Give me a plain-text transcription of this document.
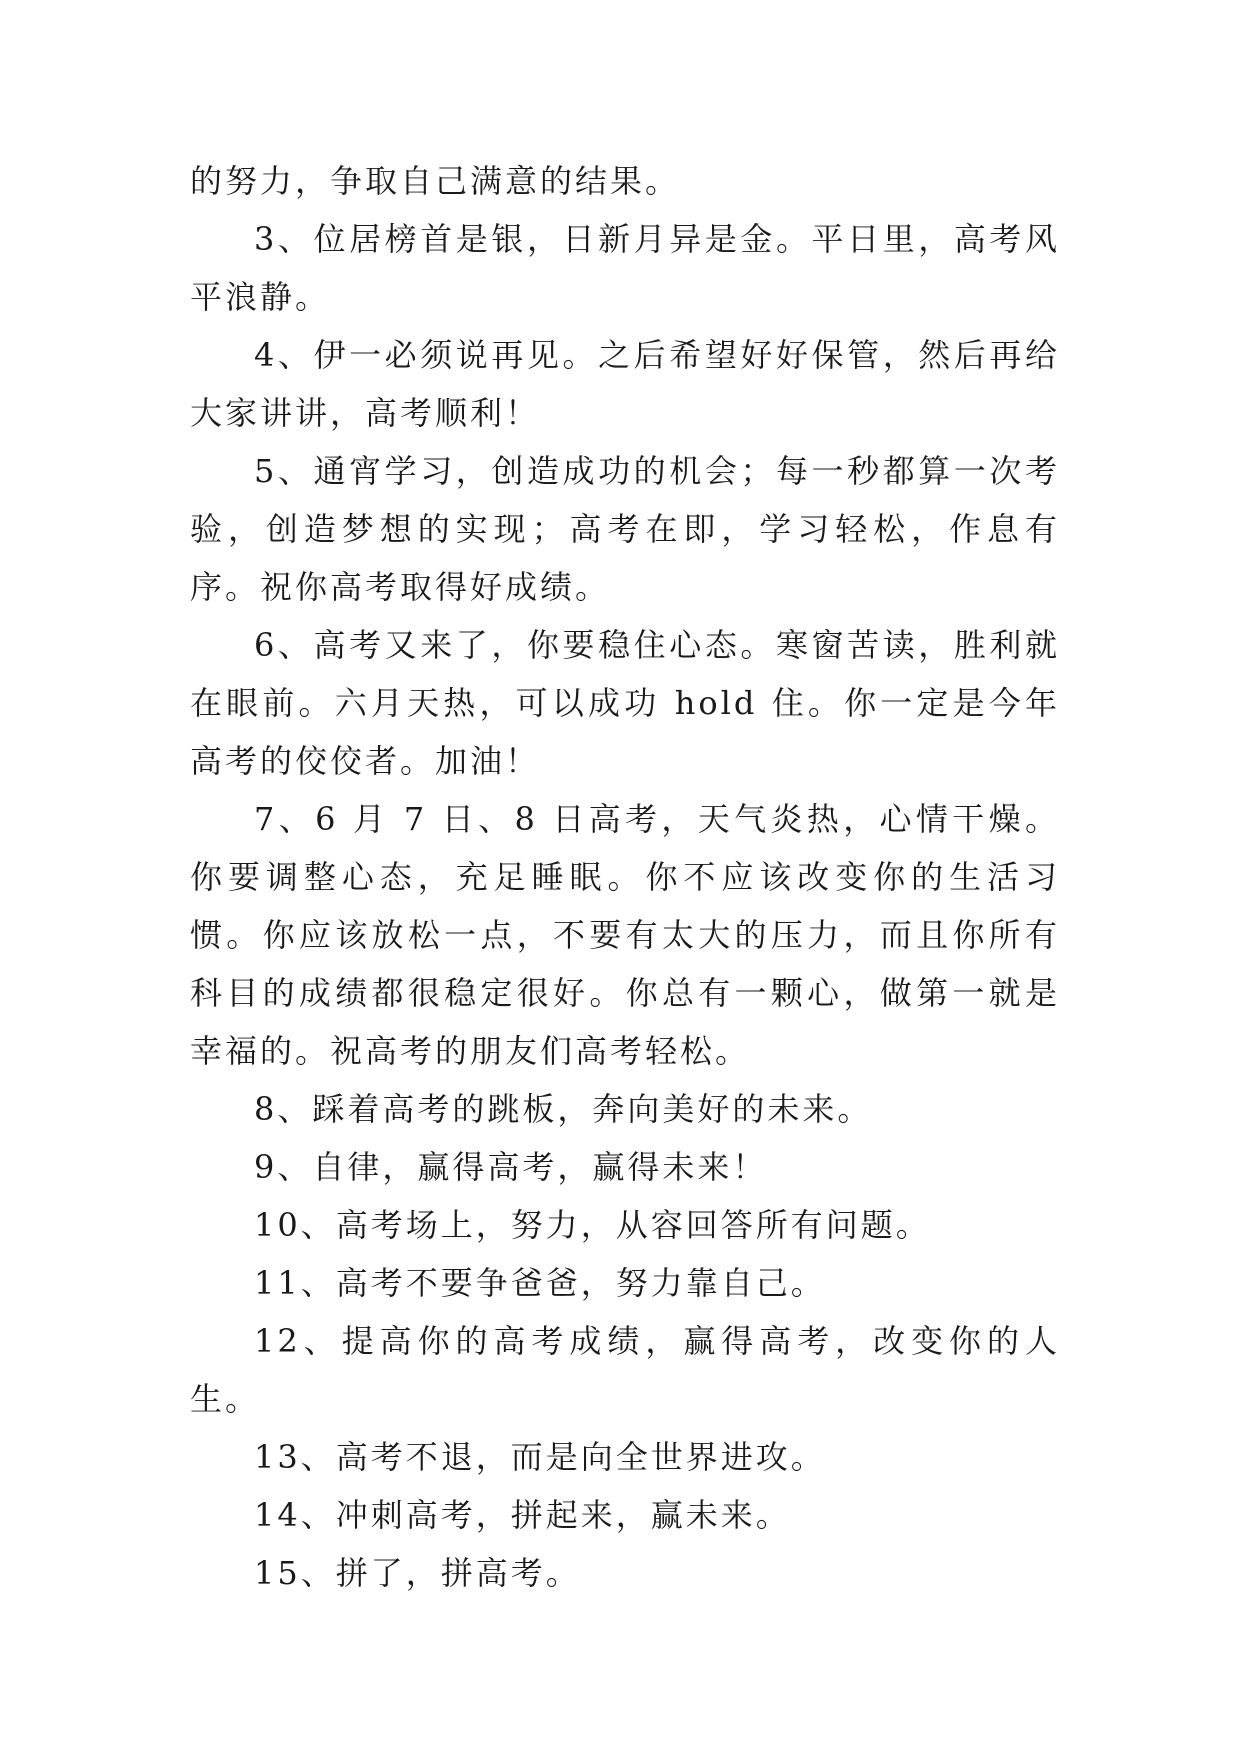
的努力，争取自己满意的结果。

3、位居榜首是银，日新月异是金。平日里，高考风平浪静。

4、伊一必须说再见。之后希望好好保管，然后再给大家讲讲，高考顺利！

5、通宵学习，创造成功的机会；每一秒都算一次考验，创造梦想的实现；高考在即，学习轻松，作息有序。祝你高考取得好成绩。

6、高考又来了，你要稳住心态。寒窗苦读，胜利就在眼前。六月天热，可以成功 hold 住。你一定是今年高考的佼佼者。加油！

7、6 月 7 日、8 日高考，天气炎热，心情干燥。你要调整心态，充足睡眠。你不应该改变你的生活习惯。你应该放松一点，不要有太大的压力，而且你所有科目的成绩都很稳定很好。你总有一颗心，做第一就是幸福的。祝高考的朋友们高考轻松。

8、踩着高考的跳板，奔向美好的未来。

9、自律，赢得高考，赢得未来！

10、高考场上，努力，从容回答所有问题。

11、高考不要争爸爸，努力靠自己。

12、提高你的高考成绩，赢得高考，改变你的人生。

13、高考不退，而是向全世界进攻。

14、冲刺高考，拼起来，赢未来。

15、拼了，拼高考。
